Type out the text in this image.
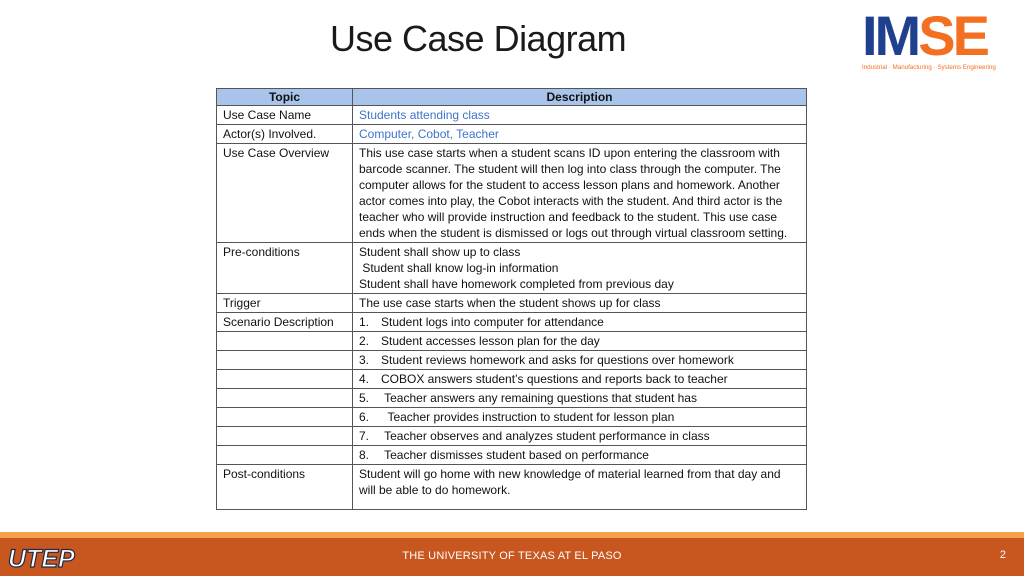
Use Case Diagram	IMSE
Industrial · Manufacturing · Systems Engineering
Topic	Description
Use Case Name	Students attending class
Actor(s) Involved.	Computer, Cobot, Teacher
Use Case Overview	This use case starts when a student scans ID upon entering the classroom with barcode scanner. The student will then log into class through the computer. The computer allows for the student to access lesson plans and homework. Another actor comes into play, the Cobot interacts with the student. And third actor is the teacher who will provide instruction and feedback to the student. This use case ends when the student is dismissed or logs out through virtual classroom setting.
Pre-conditions	Student shall show up to class
Student shall know log-in information
Student shall have homework completed from previous day

Trigger	The use case starts when the student shows up for class
Scenario Description	1. Student logs into computer for attendance
	2. Student accesses lesson plan for the day
	3. Student reviews homework and asks for questions over homework
	4. COBOX answers student’s questions and reports back to teacher
	5. Teacher answers any remaining questions that student has
	6.  Teacher provides instruction to student for lesson plan
	7. Teacher observes and analyzes student performance in class
	8. Teacher dismisses student based on performance
Post-conditions	Student will go home with new knowledge of material learned from that day and will be able to do homework.
UTEP	THE UNIVERSITY OF TEXAS AT EL PASO	2
